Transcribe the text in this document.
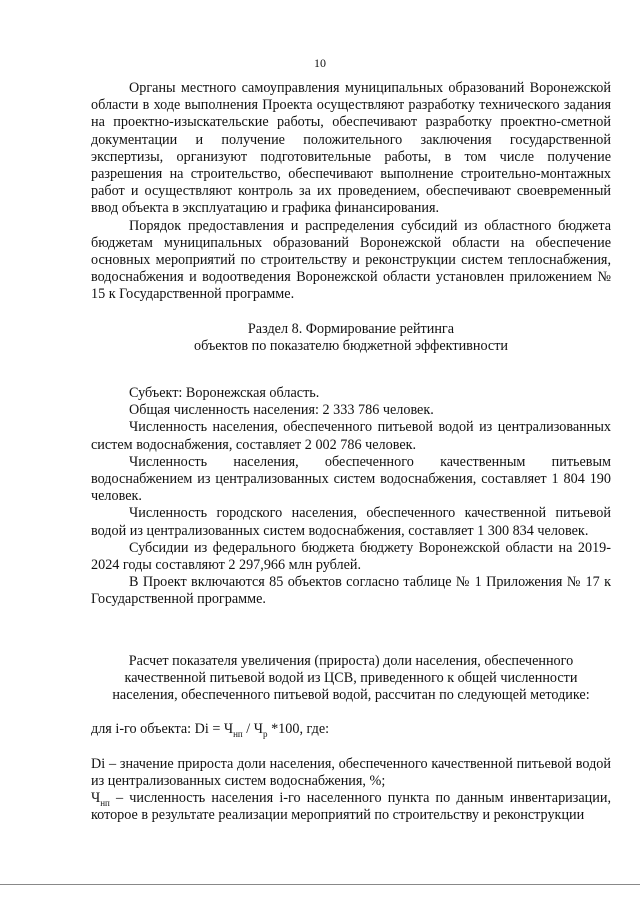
10

Органы местного самоуправления муниципальных образований Воронежской области в ходе выполнения Проекта осуществляют разработку технического задания на проектно-изыскательские работы, обеспечивают разработку проектно-сметной документации и получение положительного заключения государственной экспертизы, организуют подготовительные работы, в том числе получение разрешения на строительство, обеспечивают выполнение строительно-монтажных работ и осуществляют контроль за их проведением, обеспечивают своевременный ввод объекта в эксплуатацию и графика финансирования.

Порядок предоставления и распределения субсидий из областного бюджета бюджетам муниципальных образований Воронежской области на обеспечение основных мероприятий по строительству и реконструкции систем теплоснабжения, водоснабжения и водоотведения Воронежской области установлен приложением № 15 к Государственной программе.

Раздел 8. Формирование рейтинга

объектов по показателю бюджетной эффективности

Субъект: Воронежская область.

Общая численность населения: 2 333 786 человек.

Численность населения, обеспеченного питьевой водой из централизованных систем водоснабжения, составляет 2 002 786 человек.

Численность населения, обеспеченного качественным питьевым водоснабжением из централизованных систем водоснабжения, составляет 1 804 190 человек.

Численность городского населения, обеспеченного качественной питьевой водой из централизованных систем водоснабжения, составляет 1 300 834 человек.

Субсидии из федерального бюджета бюджету Воронежской области на 2019-2024 годы составляют 2 297,966 млн рублей.

В Проект включаются 85 объектов согласно таблице № 1 Приложения № 17 к Государственной программе.

Расчет показателя увеличения (прироста) доли населения, обеспеченного

качественной питьевой водой из ЦСВ, приведенного к общей численности

населения, обеспеченного питьевой водой, рассчитан по следующей методике:

для i-го объекта: $Di = Ч_{нп} / Ч_р$ *100, где:

Di – значение прироста доли населения, обеспеченного качественной питьевой водой из централизованных систем водоснабжения, %;

$Ч_{нп}$ – численность населения i-го населенного пункта по данным инвентаризации, которое в результате реализации мероприятий по строительству и реконструкции
